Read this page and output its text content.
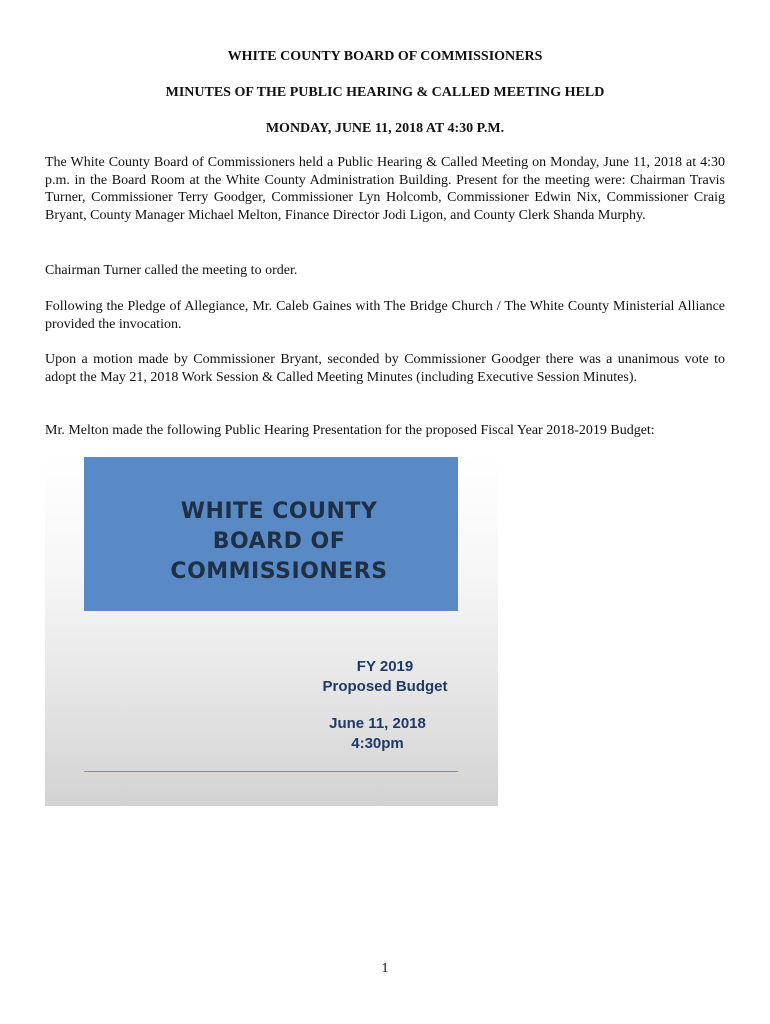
WHITE COUNTY BOARD OF COMMISSIONERS
MINUTES OF THE PUBLIC HEARING & CALLED MEETING HELD
MONDAY, JUNE 11, 2018 AT 4:30 P.M.

The White County Board of Commissioners held a Public Hearing & Called Meeting on Monday, June 11, 2018 at 4:30 p.m. in the Board Room at the White County Administration Building. Present for the meeting were: Chairman Travis Turner, Commissioner Terry Goodger, Commissioner Lyn Holcomb, Commissioner Edwin Nix, Commissioner Craig Bryant, County Manager Michael Melton, Finance Director Jodi Ligon, and County Clerk Shanda Murphy.

Chairman Turner called the meeting to order.

Following the Pledge of Allegiance, Mr. Caleb Gaines with The Bridge Church / The White County Ministerial Alliance provided the invocation.

Upon a motion made by Commissioner Bryant, seconded by Commissioner Goodger there was a unanimous vote to adopt the May 21, 2018 Work Session & Called Meeting Minutes (including Executive Session Minutes).

Mr. Melton made the following Public Hearing Presentation for the proposed Fiscal Year 2018-2019 Budget:

WHITE COUNTY
BOARD OF
COMMISSIONERS
FY 2019
Proposed Budget
June 11, 2018
4:30pm
1
